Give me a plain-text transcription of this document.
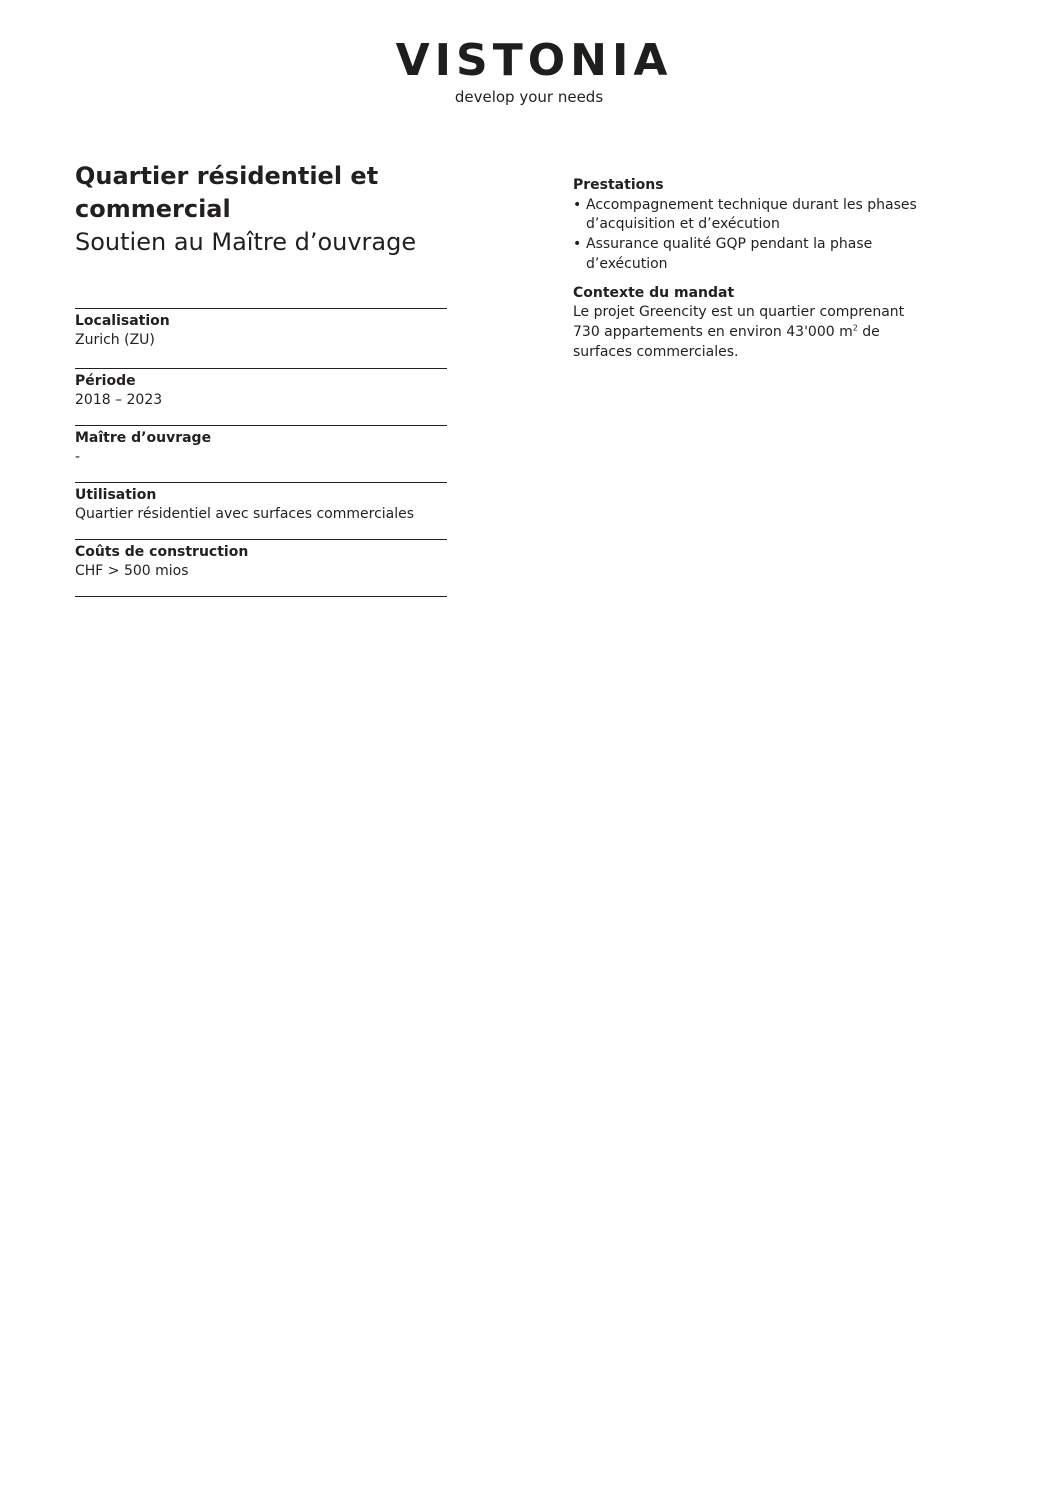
VISTONIA
develop your needs
Quartier résidentiel et commercial
Soutien au Maître d’ouvrage
Localisation
Zurich (ZU)
Période
2018 – 2023
Maître d’ouvrage
-
Utilisation
Quartier résidentiel avec surfaces commerciales
Coûts de construction
CHF > 500 mios
Prestations
• Accompagnement technique durant les phases d’acquisition et d’exécution
• Assurance qualité GQP pendant la phase d’exécution
Contexte du mandat
Le projet Greencity est un quartier comprenant 730 appartements en environ 43'000 $m^2$ de surfaces commerciales.
